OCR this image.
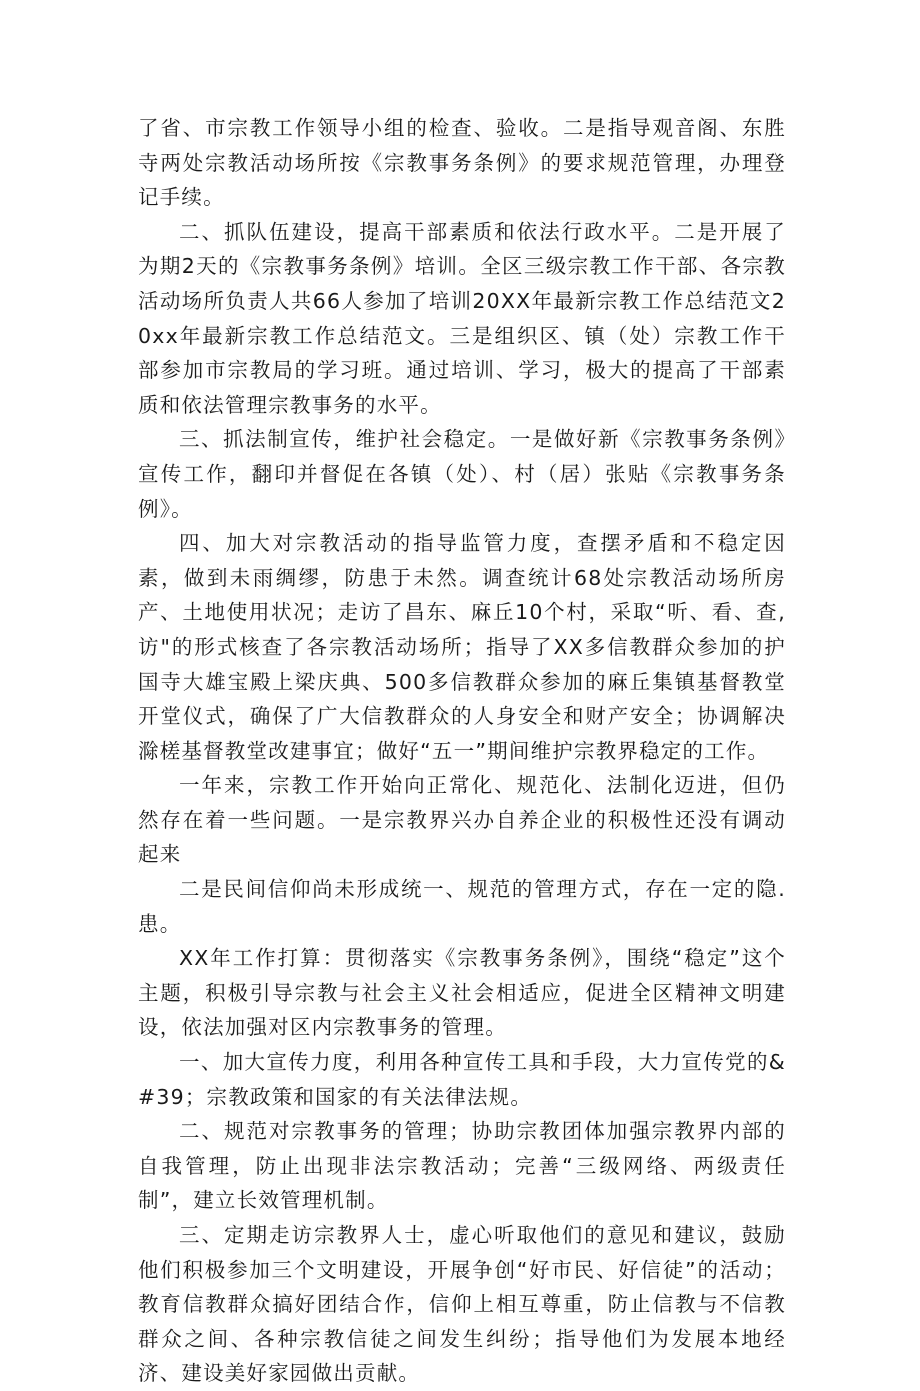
了省、市宗教工作领导小组的检查、验收。二是指导观音阁、东胜寺两处宗教活动场所按《宗教事务条例》的要求规范管理，办理登记手续。

二、抓队伍建设，提高干部素质和依法行政水平。二是开展了为期2天的《宗教事务条例》培训。全区三级宗教工作干部、各宗教活动场所负责人共66人参加了培训20XX年最新宗教工作总结范文20xx年最新宗教工作总结范文。三是组织区、镇（处）宗教工作干部参加市宗教局的学习班。通过培训、学习，极大的提高了干部素质和依法管理宗教事务的水平。

三、抓法制宣传，维护社会稳定。一是做好新《宗教事务条例》宣传工作，翻印并督促在各镇（处）、村（居）张贴《宗教事务条例》。

四、加大对宗教活动的指导监管力度，查摆矛盾和不稳定因素，做到未雨绸缪，防患于未然。调查统计68处宗教活动场所房产、土地使用状况；走访了昌东、麻丘10个村，采取“听、看、查,访"的形式核查了各宗教活动场所；指导了XX多信教群众参加的护国寺大雄宝殿上梁庆典、500多信教群众参加的麻丘集镇基督教堂开堂仪式，确保了广大信教群众的人身安全和财产安全；协调解决滁槎基督教堂改建事宜；做好“五一”期间维护宗教界稳定的工作。

一年来，宗教工作开始向正常化、规范化、法制化迈进，但仍然存在着一些问题。一是宗教界兴办自养企业的积极性还没有调动起来

二是民间信仰尚未形成统一、规范的管理方式，存在一定的隐.患。

XX年工作打算：贯彻落实《宗教事务条例》，围绕“稳定”这个主题，积极引导宗教与社会主义社会相适应，促进全区精神文明建设，依法加强对区内宗教事务的管理。

一、加大宣传力度，利用各种宣传工具和手段，大力宣传党的&#39；宗教政策和国家的有关法律法规。

二、规范对宗教事务的管理；协助宗教团体加强宗教界内部的自我管理，防止出现非法宗教活动；完善“三级网络、两级责任制”，建立长效管理机制。

三、定期走访宗教界人士，虚心听取他们的意见和建议，鼓励他们积极参加三个文明建设，开展争创“好市民、好信徒”的活动；教育信教群众搞好团结合作，信仰上相互尊重，防止信教与不信教群众之间、各种宗教信徒之间发生纠纷；指导他们为发展本地经济、建设美好家园做出贡献。
